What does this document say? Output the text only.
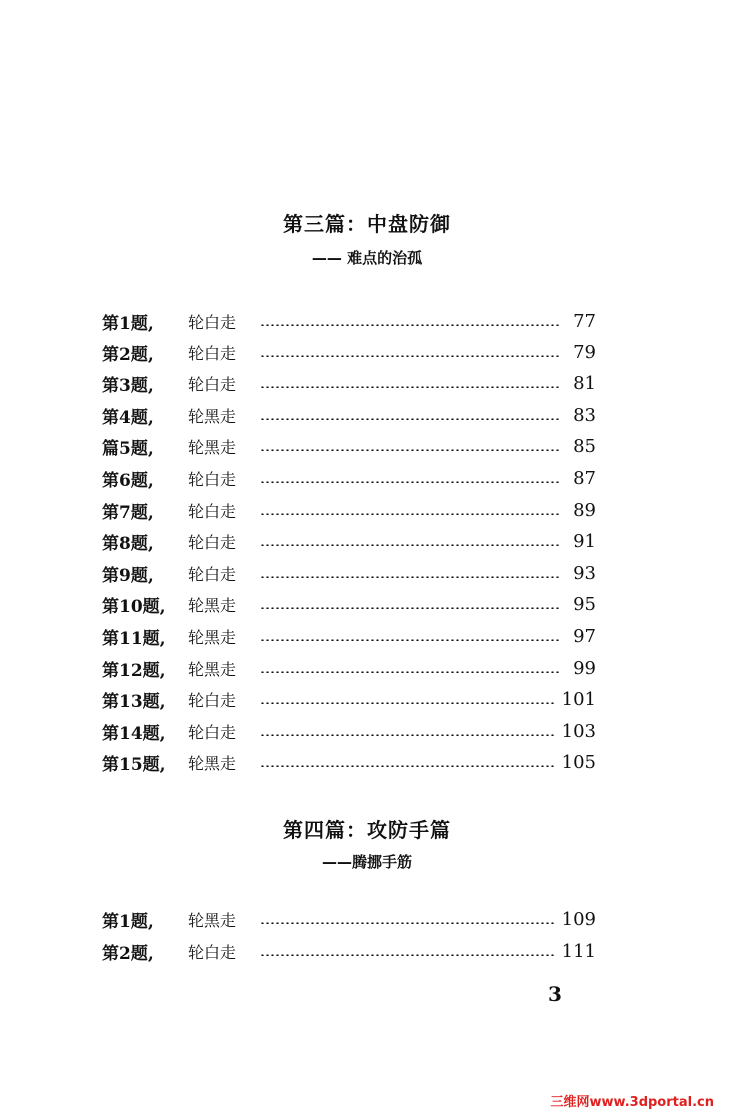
第三篇：中盘防御
—— 难点的治孤
第1题,	轮白走	77
第2题,	轮白走	79
第3题,	轮白走	81
第4题,	轮黑走	83
篇5题,	轮黑走	85
第6题,	轮白走	87
第7题,	轮白走	89
第8题,	轮白走	91
第9题,	轮白走	93
第10题,	轮黑走	95
第11题,	轮黑走	97
第12题,	轮黑走	99
第13题,	轮白走	101
第14题,	轮白走	103
第15题,	轮黑走	105
第四篇：攻防手篇
——腾挪手筋
第1题,	轮黑走	109
第2题,	轮白走	111
3
三维网www.3dportal.cn
